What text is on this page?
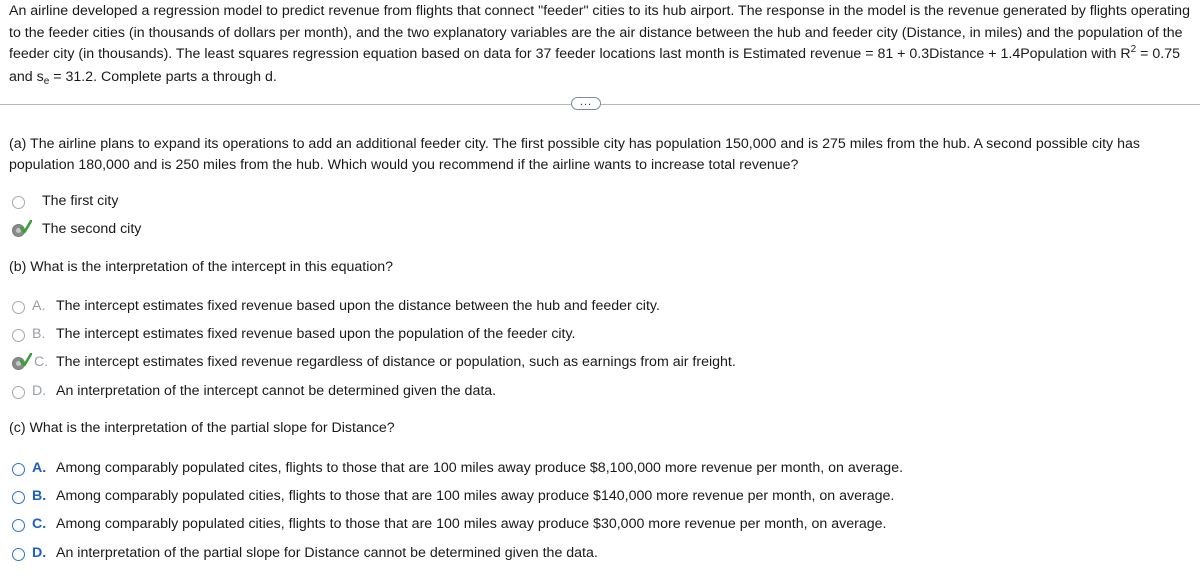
An airline developed a regression model to predict revenue from flights that connect "feeder" cities to its hub airport. The response in the model is the revenue generated by flights operating to the feeder cities (in thousands of dollars per month), and the two explanatory variables are the air distance between the hub and feeder city (Distance, in miles) and the population of the feeder city (in thousands). The least squares regression equation based on data for 37 feeder locations last month is Estimated revenue = 81 + 0.3Distance + 1.4Population with $R^2 = 0.75$ and $s_e = 31.2$. Complete parts a through d.
...
(a) The airline plans to expand its operations to add an additional feeder city. The first possible city has population 150,000 and is 275 miles from the hub. A second possible city has population 180,000 and is 250 miles from the hub. Which would you recommend if the airline wants to increase total revenue?
The first city
The second city
(b) What is the interpretation of the intercept in this equation?
A. The intercept estimates fixed revenue based upon the distance between the hub and feeder city.
B. The intercept estimates fixed revenue based upon the population of the feeder city.
C. The intercept estimates fixed revenue regardless of distance or population, such as earnings from air freight.
D. An interpretation of the intercept cannot be determined given the data.
(c) What is the interpretation of the partial slope for Distance?
A. Among comparably populated cites, flights to those that are 100 miles away produce $8,100,000 more revenue per month, on average.
B. Among comparably populated cities, flights to those that are 100 miles away produce $140,000 more revenue per month, on average.
C. Among comparably populated cities, flights to those that are 100 miles away produce $30,000 more revenue per month, on average.
D. An interpretation of the partial slope for Distance cannot be determined given the data.
